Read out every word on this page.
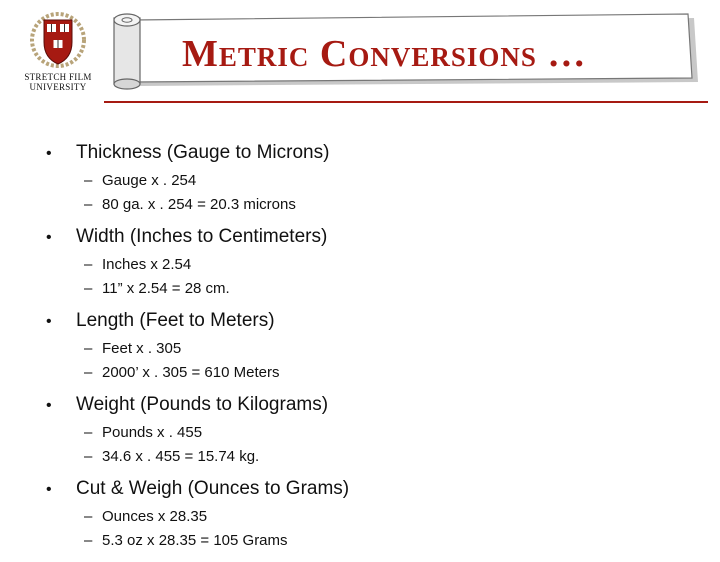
STRETCH FILM
UNIVERSITY
Metric Conversions …
•	Thickness (Gauge to Microns)
– Gauge x . 254
– 80 ga. x . 254 = 20.3 microns
•	Width (Inches to Centimeters)
– Inches x 2.54
– 11” x 2.54 = 28 cm.
•	Length (Feet to Meters)
– Feet x . 305
– 2000’ x . 305 = 610 Meters
•	Weight (Pounds to Kilograms)
– Pounds x . 455
– 34.6 x . 455 = 15.74 kg.
•	Cut & Weigh (Ounces to Grams)
– Ounces x 28.35
– 5.3 oz x 28.35 = 105 Grams
